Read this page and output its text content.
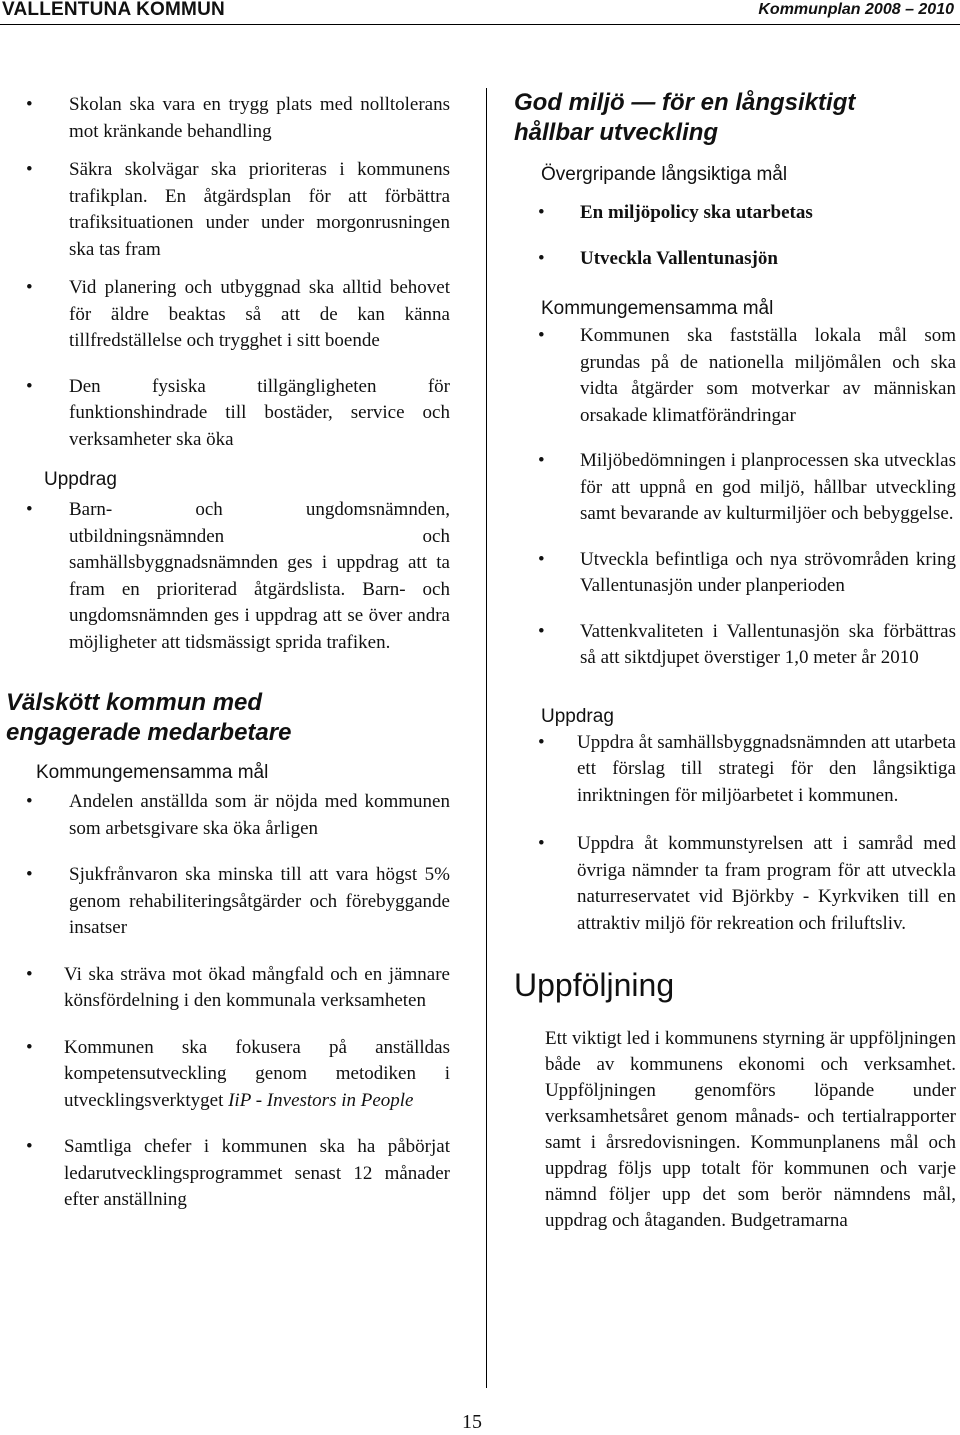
VALLENTUNA KOMMUN	Kommunplan 2008 – 2010
• Skolan ska vara en trygg plats med nolltolerans mot kränkande behandling
• Säkra skolvägar ska prioriteras i kommunens trafikplan. En åtgärdsplan för att förbättra trafiksituationen under under morgonrusningen ska tas fram
• Vid planering och utbyggnad ska alltid behovet för äldre beaktas så att de kan känna tillfredställelse och trygghet i sitt boende
• Den fysiska tillgängligheten för funktionshindrade till bostäder, service och verksamheter ska öka
Uppdrag
• Barn- och ungdomsnämnden, utbildningsnämnden och samhällsbyggnadsnämnden ges i uppdrag att ta fram en prioriterad åtgärdslista. Barn- och ungdomsnämnden ges i uppdrag att se över andra möjligheter att tidsmässigt sprida trafiken.
Välskött kommun med
engagerade medarbetare
Kommungemensamma mål
• Andelen anställda som är nöjda med kommunen som arbetsgivare ska öka årligen
• Sjukfrånvaron ska minska till att vara högst 5% genom rehabiliteringsåtgärder och förebyggande insatser
• Vi ska sträva mot ökad mångfald och en jämnare könsfördelning i den kommunala verksamheten
• Kommunen ska fokusera på anställdas kompetensutveckling genom metodiken i utvecklingsverktyget IiP - Investors in People
• Samtliga chefer i kommunen ska ha påbörjat ledarutvecklingsprogrammet senast 12 månader efter anställning
God miljö — för en långsiktigt
hållbar utveckling
Övergripande långsiktiga mål
• En miljöpolicy ska utarbetas
• Utveckla Vallentunasjön
Kommungemensamma mål
• Kommunen ska fastställa lokala mål som grundas på de nationella miljömålen och ska vidta åtgärder som motverkar av människan orsakade klimatförändringar
• Miljöbedömningen i planprocessen ska utvecklas för att uppnå en god miljö, hållbar utveckling samt bevarande av kulturmiljöer och bebyggelse.
• Utveckla befintliga och nya strövområden kring Vallentunasjön under planperioden
• Vattenkvaliteten i Vallentunasjön ska förbättras så att siktdjupet överstiger 1,0 meter år 2010
Uppdrag
• Uppdra åt samhällsbyggnadsnämnden att utarbeta ett förslag till strategi för den långsiktiga inriktningen för miljöarbetet i kommunen.
• Uppdra åt kommunstyrelsen att i samråd med övriga nämnder ta fram program för att utveckla naturreservatet vid Björkby - Kyrkviken till en attraktiv miljö för rekreation och friluftsliv.
Uppföljning
Ett viktigt led i kommunens styrning är uppföljningen både av kommunens ekonomi och verksamhet. Uppföljningen genomförs löpande under verksamhetsåret genom månads- och tertialrapporter samt i årsredovisningen. Kommunplanens mål och uppdrag följs upp totalt för kommunen och varje nämnd följer upp det som berör nämndens mål, uppdrag och åtaganden. Budgetramarna
15
